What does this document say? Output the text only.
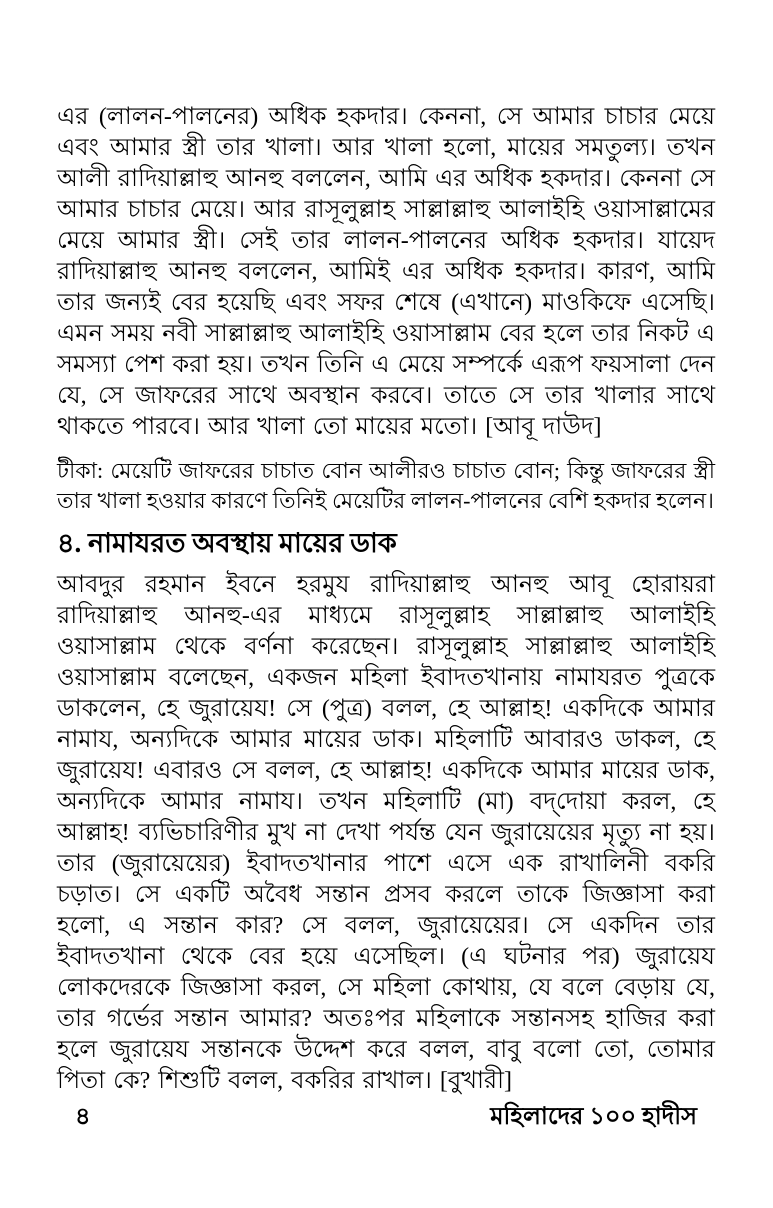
এর (লালন-পালনের) অধিক হকদার। কেননা, সে আমার চাচার মেয়ে এবং আমার স্ত্রী তার খালা। আর খালা হলো, মায়ের সমতুল্য। তখন আলী রাদিয়াল্লাহু আনহু বললেন, আমি এর অধিক হকদার। কেননা সে আমার চাচার মেয়ে। আর রাসূলুল্লাহ সাল্লাল্লাহু আলাইহি ওয়াসাল্লামের মেয়ে আমার স্ত্রী। সেই তার লালন-পালনের অধিক হকদার। যায়েদ রাদিয়াল্লাহু আনহু বললেন, আমিই এর অধিক হকদার। কারণ, আমি তার জন্যই বের হয়েছি এবং সফর শেষে (এখানে) মাওকিফে এসেছি। এমন সময় নবী সাল্লাল্লাহু আলাইহি ওয়াসাল্লাম বের হলে তার নিকট এ সমস্যা পেশ করা হয়। তখন তিনি এ মেয়ে সম্পর্কে এরূপ ফয়সালা দেন যে, সে জাফরের সাথে অবস্থান করবে। তাতে সে তার খালার সাথে থাকতে পারবে। আর খালা তো মায়ের মতো। [আবূ দাউদ]

টীকা: মেয়েটি জাফরের চাচাত বোন আলীরও চাচাত বোন; কিন্তু জাফরের স্ত্রী তার খালা হওয়ার কারণে তিনিই মেয়েটির লালন-পালনের বেশি হকদার হলেন।

৪. নামাযরত অবস্থায় মায়ের ডাক

আবদুর রহমান ইবনে হরমুয রাদিয়াল্লাহু আনহু আবূ হোরায়রা রাদিয়াল্লাহু আনহু-এর মাধ্যমে রাসূলুল্লাহ সাল্লাল্লাহু আলাইহি ওয়াসাল্লাম থেকে বর্ণনা করেছেন। রাসূলুল্লাহ সাল্লাল্লাহু আলাইহি ওয়াসাল্লাম বলেছেন, একজন মহিলা ইবাদতখানায় নামাযরত পুত্রকে ডাকলেন, হে জুরায়েয! সে (পুত্র) বলল, হে আল্লাহ! একদিকে আমার নামায, অন্যদিকে আমার মায়ের ডাক। মহিলাটি আবারও ডাকল, হে জুরায়েয! এবারও সে বলল, হে আল্লাহ! একদিকে আমার মায়ের ডাক, অন্যদিকে আমার নামায। তখন মহিলাটি (মা) বদ্‌দোয়া করল, হে আল্লাহ! ব্যভিচারিণীর মুখ না দেখা পর্যন্ত যেন জুরায়েয়ের মৃত্যু না হয়। তার (জুরায়েয়ের) ইবাদতখানার পাশে এসে এক রাখালিনী বকরি চড়াত। সে একটি অবৈধ সন্তান প্রসব করলে তাকে জিজ্ঞাসা করা হলো, এ সন্তান কার? সে বলল, জুরায়েয়ের। সে একদিন তার ইবাদতখানা থেকে বের হয়ে এসেছিল। (এ ঘটনার পর) জুরায়েয লোকদেরকে জিজ্ঞাসা করল, সে মহিলা কোথায়, যে বলে বেড়ায় যে, তার গর্ভের সন্তান আমার? অতঃপর মহিলাকে সন্তানসহ হাজির করা হলে জুরায়েয সন্তানকে উদ্দেশ করে বলল, বাবু বলো তো, তোমার পিতা কে? শিশুটি বলল, বকরির রাখাল। [বুখারী]

৪	মহিলাদের ১০০ হাদীস
